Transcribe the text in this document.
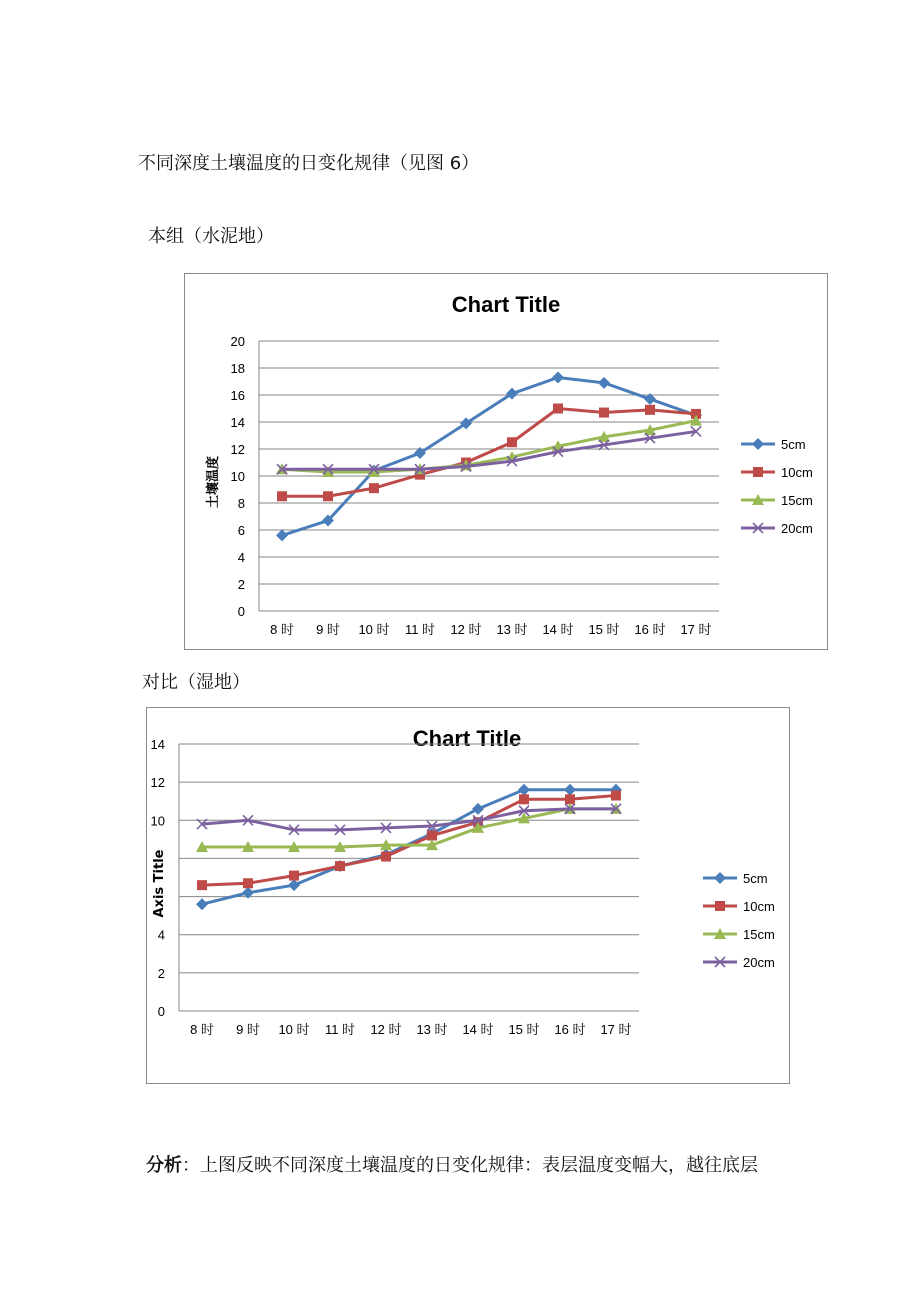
不同深度土壤温度的日变化规律（见图 6）
本组（水泥地）
Chart Title
0
2
4
6
8
10
12
14
16
18
20
8 时 9 时 10 时 11 时 12 时 13 时 14 时 15 时 16 时 17 时
土壤温度
5cm
10cm
15cm
20cm
对比（湿地）
Chart Title
0
2
4
10
12
14
8 时 9 时 10 时 11 时 12 时 13 时 14 时 15 时 16 时 17 时
Axis Title	5cm
10cm
15cm
20cm
分析：上图反映不同深度土壤温度的日变化规律：表层温度变幅大，越往底层
